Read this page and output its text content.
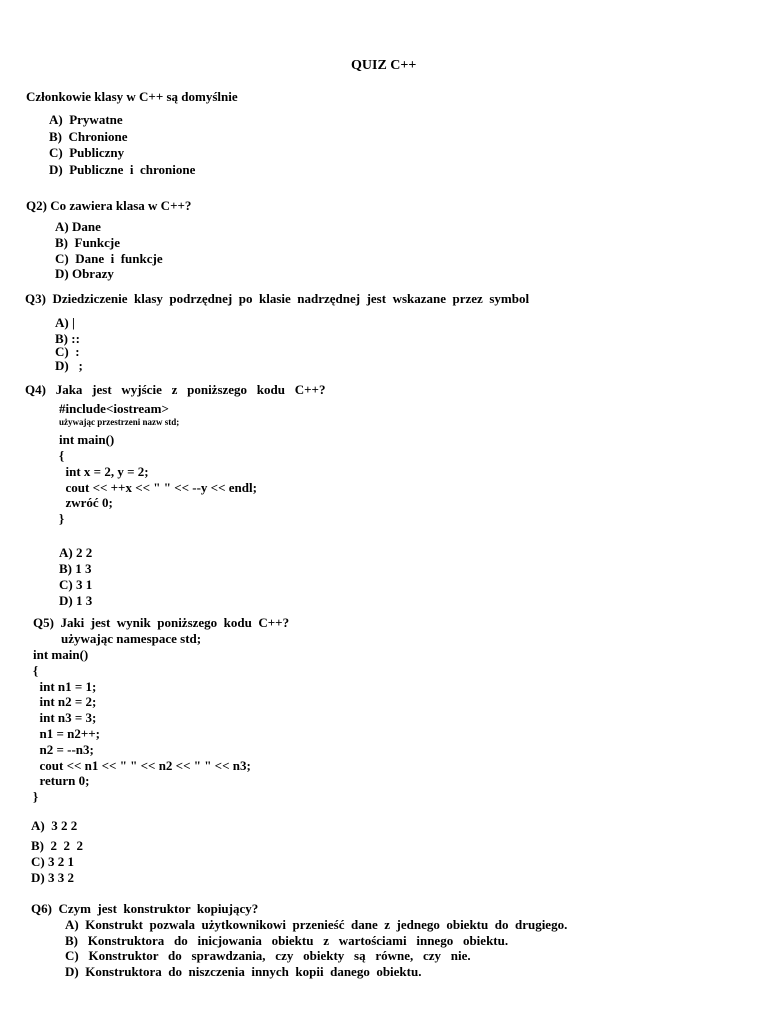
QUIZ C++
Członkowie klasy w C++ są domyślnie
A)  Prywatne
B)  Chronione
C)  Publiczny
D)  Publiczne  i  chronione
Q2) Co zawiera klasa w C++?
A) Dane
B)  Funkcje
C)  Dane  i  funkcje
D) Obrazy
Q3)  Dziedziczenie  klasy  podrzędnej  po  klasie  nadrzędnej  jest  wskazane  przez  symbol
A) |
B) ::
C)  :
D)   ;
Q4)   Jaka   jest   wyjście   z   poniższego   kodu   C++?
#include<iostream>
używając przestrzeni nazw std;
int main()
{
int x = 2, y = 2;
cout << ++x << " " << --y << endl;
zwróć 0;
}
A) 2 2
B) 1 3
C) 3 1
D) 1 3
Q5)  Jaki  jest  wynik  poniższego  kodu  C++?
używając namespace std;
int main()
{
int n1 = 1;
int n2 = 2;
int n3 = 3;
n1 = n2++;
n2 = --n3;
cout << n1 << " " << n2 << " " << n3;
return 0;
}
A)  3 2 2
B)  2  2  2
C) 3 2 1
D) 3 3 2
Q6)  Czym  jest  konstruktor  kopiujący?
A)  Konstrukt  pozwala  użytkownikowi  przenieść  dane  z  jednego  obiektu  do  drugiego.
B)   Konstruktora   do   inicjowania   obiektu   z   wartościami   innego   obiektu.
C)   Konstruktor   do   sprawdzania,   czy   obiekty   są   równe,   czy   nie.
D)  Konstruktora  do  niszczenia  innych  kopii  danego  obiektu.
